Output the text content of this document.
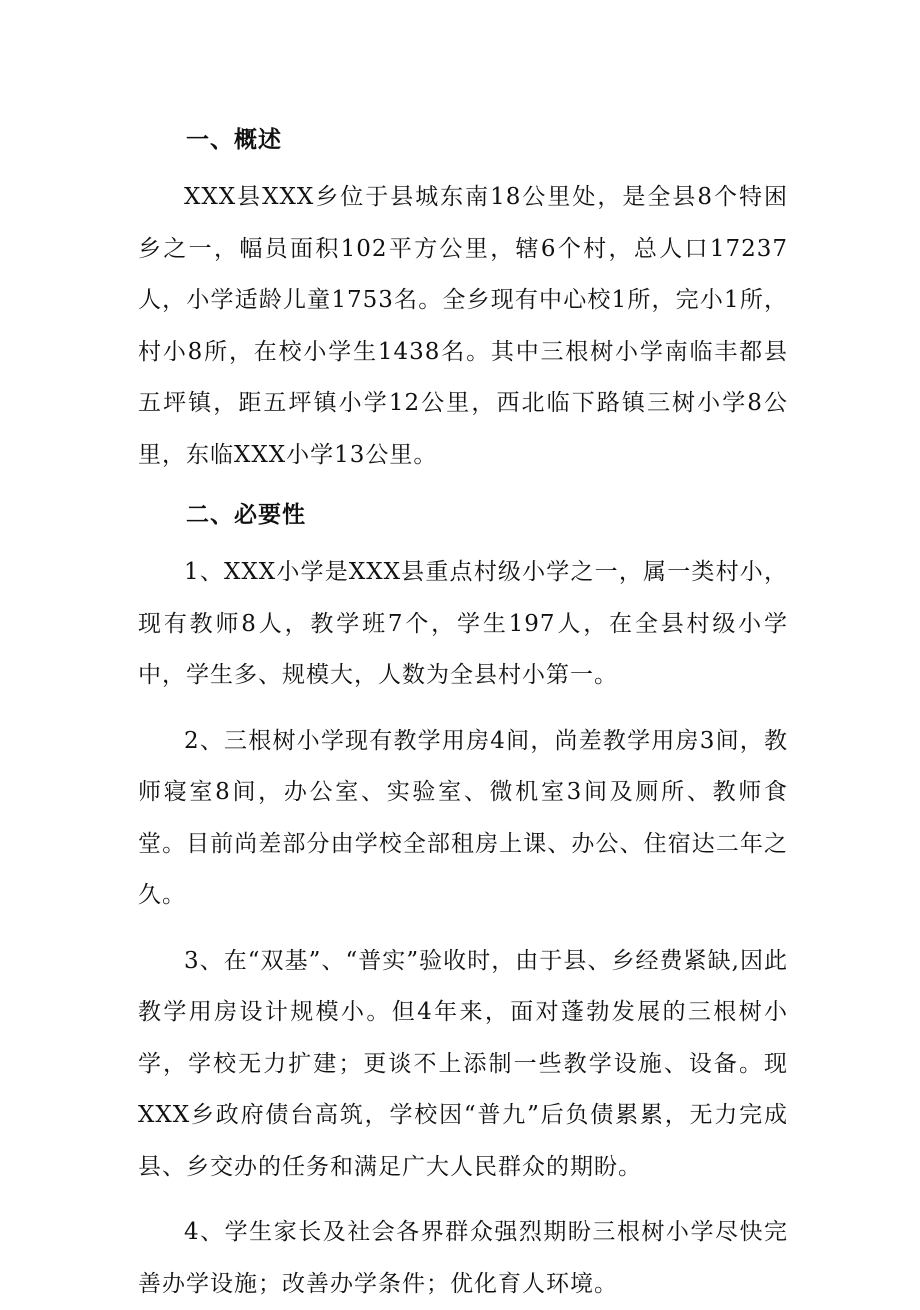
一、概述

XXX县XXX乡位于县城东南18公里处，是全县8个特困乡之一，幅员面积102平方公里，辖6个村，总人口17237人，小学适龄儿童1753名。全乡现有中心校1所，完小1所，村小8所，在校小学生1438名。其中三根树小学南临丰都县五坪镇，距五坪镇小学12公里，西北临下路镇三树小学8公里，东临XXX小学13公里。

二、必要性

1、XXX小学是XXX县重点村级小学之一，属一类村小，现有教师8人，教学班7个，学生197人，在全县村级小学中，学生多、规模大，人数为全县村小第一。

2、三根树小学现有教学用房4间，尚差教学用房3间，教师寝室8间，办公室、实验室、微机室3间及厕所、教师食堂。目前尚差部分由学校全部租房上课、办公、住宿达二年之久。

3、在“双基”、“普实”验收时，由于县、乡经费紧缺,因此教学用房设计规模小。但4年来，面对蓬勃发展的三根树小学，学校无力扩建；更谈不上添制一些教学设施、设备。现XXX乡政府债台高筑，学校因“普九”后负债累累，无力完成县、乡交办的任务和满足广大人民群众的期盼。

4、学生家长及社会各界群众强烈期盼三根树小学尽快完善办学设施；改善办学条件；优化育人环境。
